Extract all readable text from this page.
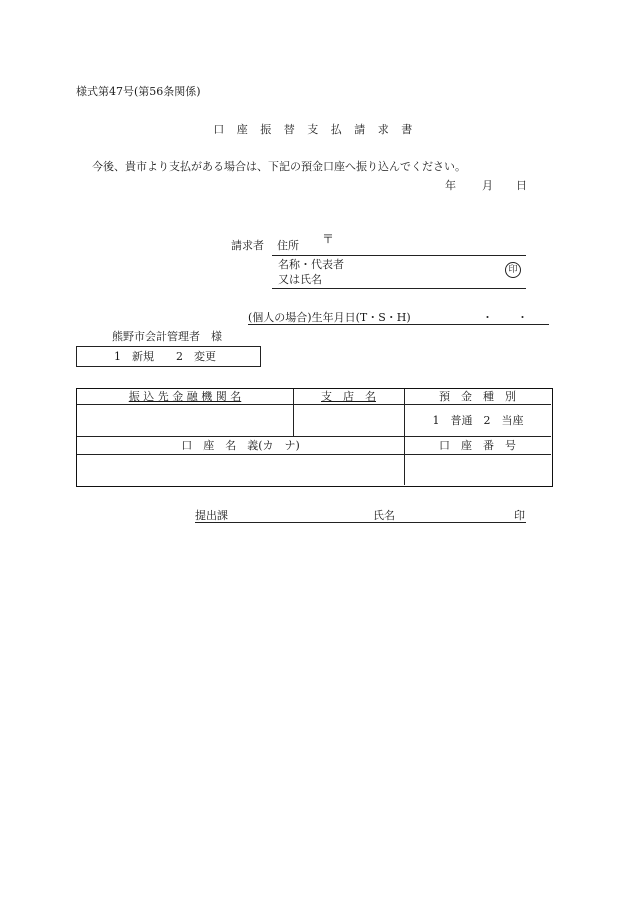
様式第47号(第56条関係)
口 座 振 替 支 払 請 求 書
今後、貴市より支払がある場合は、下記の預金口座へ振り込んでください。
年 月 日
請求者 住所 〒
名称・代表者
又は氏名
印
(個人の場合)生年月日(T・S・H)	・ ・
熊野市会計管理者　様
1　新規　　2　変更
振 込 先 金 融 機 関 名	支　店　名	預　金　種　別
1　普通　2　当座
口　座　名　義(カ　ナ)	口　座　番　号
提出課	氏名	印
